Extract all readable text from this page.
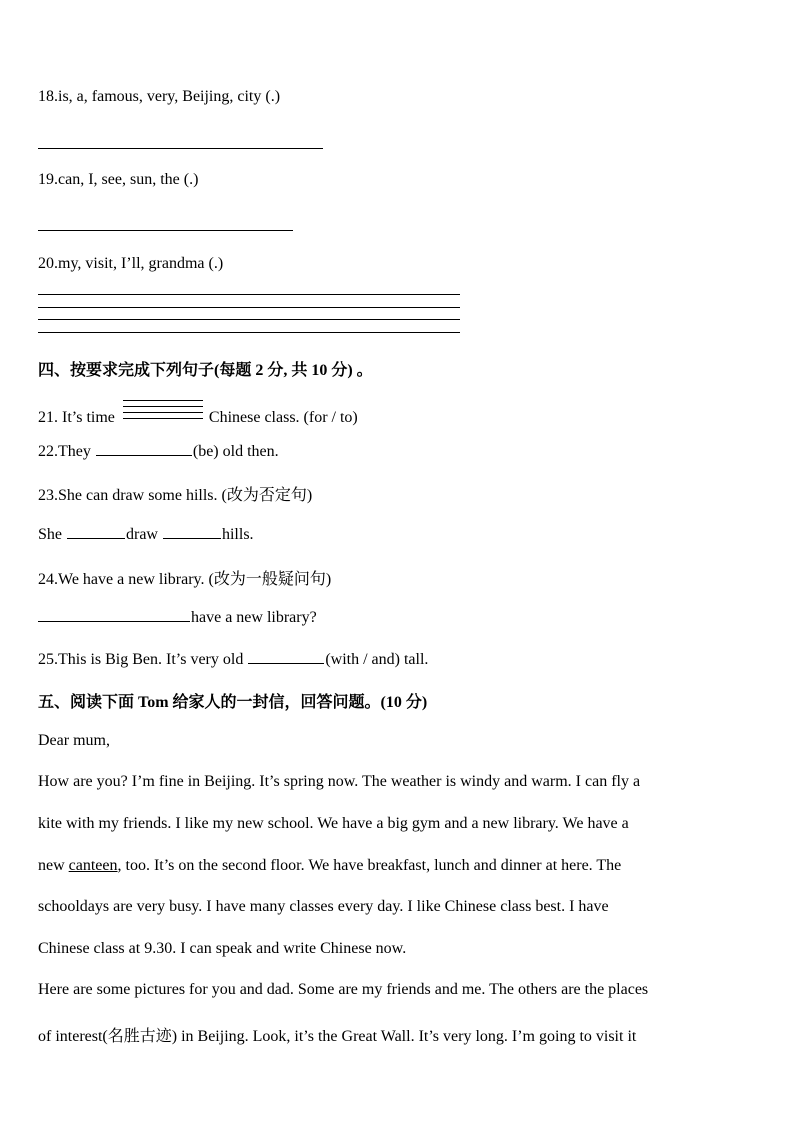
18.is, a, famous, very, Beijing, city (.)
19.can, I, see, sun, the (.)
20.my, visit, I’ll, grandma (.)
四、按要求完成下列句子(每题 2 分, 共 10 分) 。
21. It’s time	Chinese class. (for / to)
22.They	(be) old then.
23.She can draw some hills. (改为否定句)
She	draw	hills.
24.We have a new library. (改为一般疑问句)
have a new library?
25.This is Big Ben. It’s very old	(with / and) tall.
五、阅读下面 Tom 给家人的一封信，回答问题。(10 分)
Dear mum,
How are you? I’m fine in Beijing. It’s spring now. The weather is windy and warm. I can fly a
kite with my friends. I like my new school. We have a big gym and a new library. We have a
new canteen, too. It’s on the second floor. We have breakfast, lunch and dinner at here. The
schooldays are very busy. I have many classes every day. I like Chinese class best. I have
Chinese class at 9.30. I can speak and write Chinese now.
Here are some pictures for you and dad. Some are my friends and me. The others are the places
of interest(名胜古迹) in Beijing. Look, it’s the Great Wall. It’s very long. I’m going to visit it
